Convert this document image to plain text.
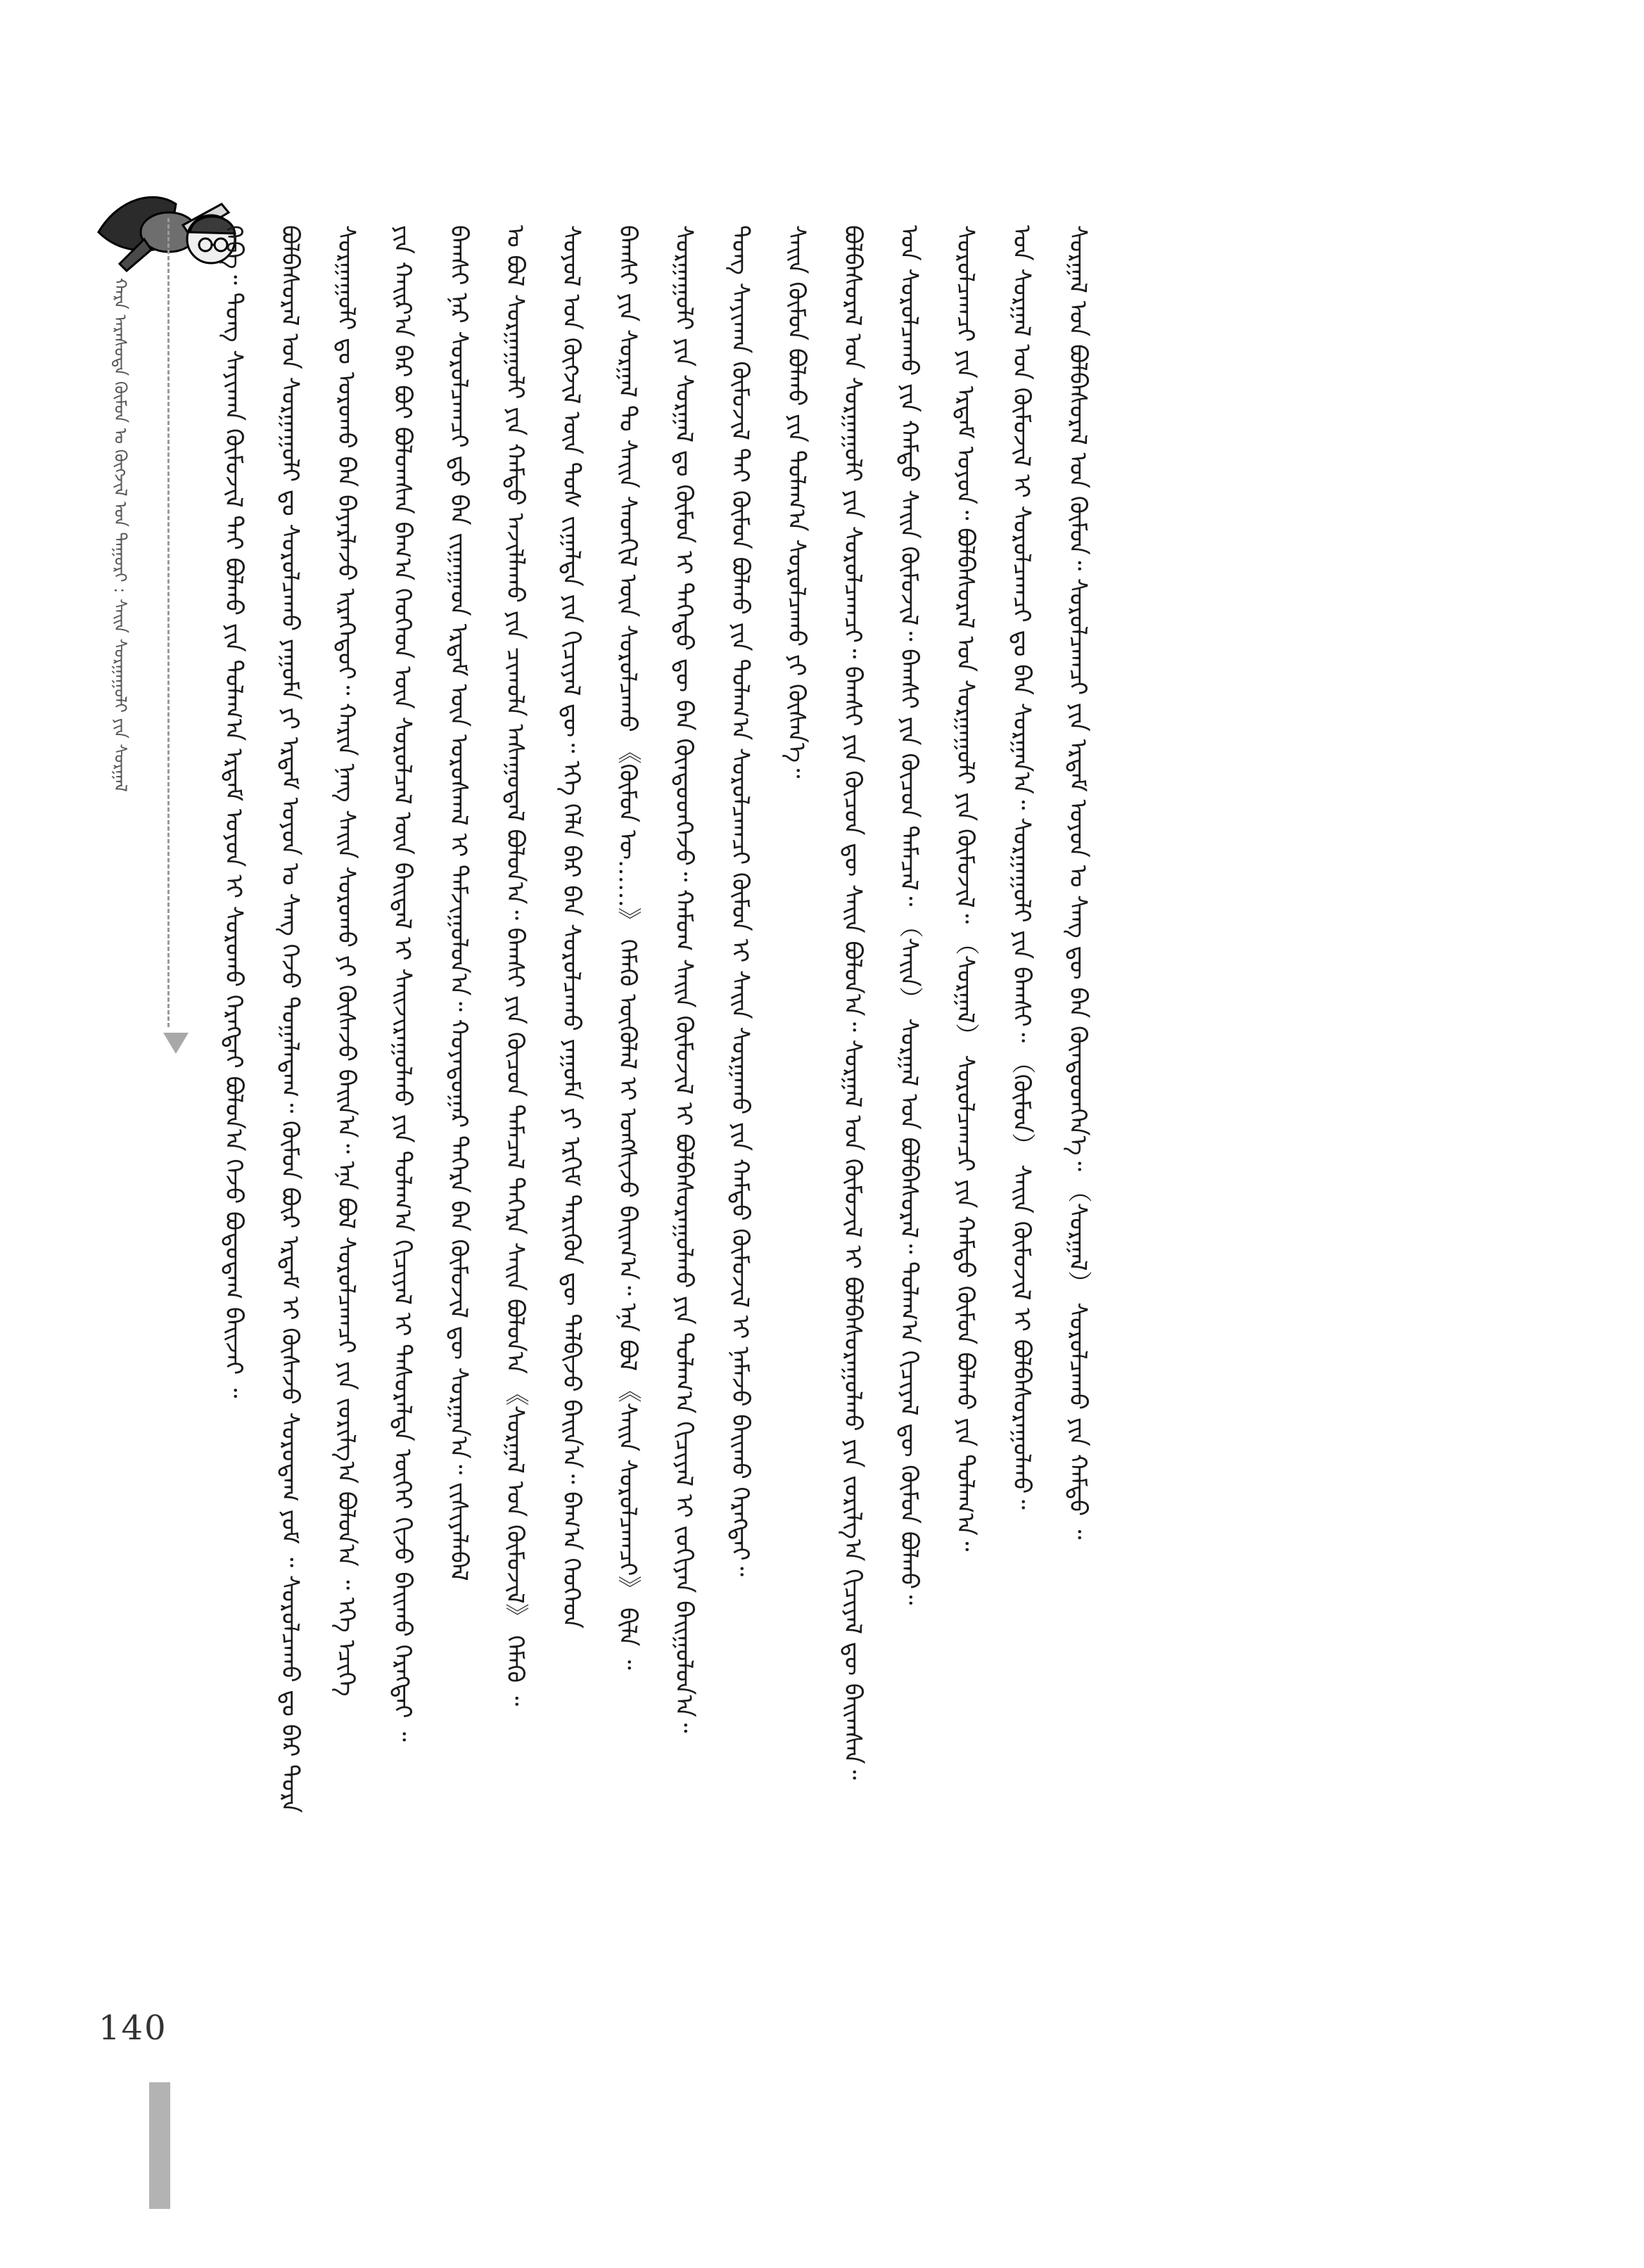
ᠬᠠᠷᠠ ᠠᠷᠠᠰᠤᠲᠠ ᠬᠦᠮᠦᠨ ᠤ ᠬᠦᠭᠵᠢᠯ ᠤᠨ ᠲᠠᠭᠤᠷᠢ : ᠰᠠᠢᠨ ᠰᠤᠷᠭᠠᠭᠤᠯᠢ ᠶᠢᠨ ᠰᠤᠷᠭᠠᠯ	ᠭᠡᠪᠡ᠃ ᠲᠤᠩ ᠰᠠᠶᠢᠬᠠᠨ ᠬᠦᠮᠦᠵᠢᠯ ᠲᠡᠢ ᠪᠣᠯᠬᠤ ᠶᠢᠨ ᠲᠤᠯᠠᠭ᠎ᠠ ᠡᠷᠳᠡᠮ ᠣᠶᠤᠨ ᠢ ᠰᠤᠷᠤᠬᠤ ᠬᠡᠷᠡᠭᠲᠡᠢ ᠪᠣᠯᠤᠨ᠎ᠠ ᠭᠡᠵᠦ ᠪᠣᠳᠤᠳᠠᠭ ᠪᠠᠢᠵᠠᠢ ᠃ ᠪᠣᠯᠪᠠᠰᠤᠷᠠᠯ ᠤᠨ ᠰᠤᠷᠭᠠᠭᠤᠯᠢ ᠳᠤ ᠰᠤᠷᠤᠯᠴᠠᠬᠤ ᠶᠠᠭᠤᠮᠠ ᠶᠢ ᠡᠷᠳᠡᠮ ᠣᠶᠤᠨ ᠤ ᠰᠠᠩ ᠭᠡᠵᠦ ᠲᠤᠭᠠᠯᠠᠳᠠᠭ᠃ ᠬᠦᠮᠦᠨ ᠪᠦᠷ ᠡᠷᠳᠡᠮ ᠢ ᠬᠦᠰᠡᠵᠦ ᠰᠤᠷᠤᠳᠠᠭ ᠶᠤᠮ ᠃ ᠰᠤᠷᠤᠯᠴᠠᠬᠤ ᠳᠤ ᠪᠡᠷ ᠳᠤᠷᠠ ᠰᠤᠷᠭᠠᠭᠤᠯᠢ ᠳᠤ ᠣᠷᠣᠬᠤ ᠪᠠᠨ ᠪᠠᠶᠠᠷᠯᠠᠵᠤ ᠢᠷᠡᠭᠡᠳᠦᠢ᠃ ᠬᠠᠷᠢᠨ ᠨᠡᠩ ᠰᠠᠢᠨ ᠰᠤᠷᠤᠬᠤ ᠶᠢ ᠬᠦᠰᠡᠵᠦ ᠪᠠᠢᠨ᠎ᠠ᠃ ᠡᠨᠡ ᠪᠣᠯ ᠰᠤᠷᠤᠯᠴᠠᠭᠴᠢ ᠶᠢᠨ ᠵᠣᠷᠢᠯᠭ᠎ᠠ ᠪᠣᠯᠤᠨ᠎ᠠ ᠃ ᠡᠬᠡ ᠡᠴᠢᠭᠡ ᠶᠢᠨ ᠬᠠᠢᠷ᠎ᠠ ᠪᠠᠷ ᠪᠤᠢ ᠪᠣᠯᠤᠭᠰᠠᠨ ᠪᠠᠭ᠎ᠠ ᠬᠡᠦᠬᠡᠳ ᠦᠨ ᠰᠤᠷᠤᠯᠴᠠᠯ ᠦᠨ ᠪᠠᠢᠳᠠᠯ ᠢ ᠰᠠᠢᠵᠢᠷᠠᠭᠤᠯᠬᠤ ᠶᠢᠨ ᠲᠤᠯᠠᠭ᠎ᠠ ᠬᠢᠴᠢᠶᠡᠯ ᠢ ᠲᠠᠰᠤᠷᠠᠯᠲᠠ ᠦᠭᠡᠢ ᠬᠢᠵᠦ ᠪᠠᠢᠬᠤ ᠬᠡᠷᠡᠭᠲᠡᠢ ᠃ ᠪᠠᠭᠰᠢ ᠨᠠᠷ ᠰᠤᠷᠤᠯᠴᠠᠭᠴᠢ ᠳ᠋ᠤ ᠪᠠᠨ ᠵᠢᠭᠠᠭᠠᠳ ᠡᠷᠳᠡᠮ ᠦᠨ ᠤᠷᠤᠰᠬᠠᠯ ᠢ ᠳᠠᠮᠵᠢᠭᠤᠯᠤᠨ᠎ᠠ᠃ ᠬᠣᠶᠠᠳᠤᠭᠠᠷ ᠳᠡᠭᠡᠷᠡ ᠪᠠᠨ ᠬᠦᠮᠦᠵᠢᠯ ᠳᠦ ᠰᠤᠷᠭᠠᠨ᠎ᠠ᠃ ᠵᠢᠱᠢᠶᠡᠯᠡᠪᠡᠯ ᠣ ᠪᠣᠯ ᠰᠤᠷᠭᠠᠭᠤᠯᠢ ᠶᠢᠨ ᠬᠠᠮᠲᠤ ᠠᠵᠢᠯᠯᠠᠬᠤ ᠶᠢᠨ ᠴᠢᠬᠤᠯᠠ ᠠᠰᠠᠭᠤᠳᠠᠯ ᠪᠣᠯᠤᠨ᠎ᠠ᠃ ᠪᠠᠭᠰᠢ ᠶᠢᠨ ᠬᠦᠴᠦᠨ ᠲᠡᠮᠡᠴᠡᠯ ᠳᠡᠭᠡᠷᠡ ᠰᠠᠢᠨ ᠪᠣᠯᠤᠨ᠎ᠠ 《ᠰᠤᠷᠭᠠᠯ ᠤᠨ ᠬᠦᠮᠦᠵᠢᠯ》 ᠬᠡᠮᠡᠬᠦ ᠃ ᠰᠣᠶᠣᠯ ᠤᠨ ᠬᠦᠭᠵᠢᠯ ᠦᠨ ᠲᠤᠰ ᠵᠢᠭᠠᠯᠲᠠ ᠶᠢᠨ ᠬᠢᠴᠢᠶᠡᠯ ᠳᠦ᠃ ᠡᠬᠡ ᠬᠡᠯᠡ ᠪᠡᠷ ᠪᠡᠨ ᠰᠤᠷᠤᠯᠴᠠᠬᠤ ᠶᠠᠭᠤᠮᠠ ᠶᠢ ᠡᠷᠬᠢᠮ ᠲᠡᠷᠢᠭᠦᠨ ᠳᠦ ᠲᠠᠯᠪᠢᠵᠤ ᠪᠠᠢᠨ᠎ᠠ᠃ ᠪᠠᠭ᠎ᠠ ᠬᠡᠦᠬᠡᠳ ᠪᠠᠭᠰᠢ ᠶᠢᠨ ᠰᠤᠷᠭᠠᠯ ᠲᠤ ᠰᠠᠢᠨ ᠰᠡᠳᠬᠢᠯ ᠦᠨ ᠰᠤᠷᠤᠯᠴᠠᠬᠤ 《ᠬᠦᠮᠦᠨ ᠦ……》 ᠬᠡᠮᠡᠬᠦ ᠦᠭᠦᠯᠡᠯ ᠢ ᠤᠩᠰᠢᠵᠤ ᠪᠠᠢᠭ᠎ᠠ᠃ ᠡᠨᠡ ᠪᠣᠯ 《ᠰᠠᠢᠨ ᠰᠤᠷᠤᠯᠴᠠᠭᠴᠢ》 ᠪᠢᠯᠡ ᠃ ᠰᠤᠷᠭᠠᠭᠤᠯᠢ ᠶᠢᠨ ᠰᠤᠷᠭᠠᠯ ᠳᠤ ᠬᠦᠮᠦᠨ ᠢ ᠳᠡᠭᠡᠳᠦ ᠳᠦ ᠪᠠᠨ ᠬᠦᠨᠳᠦᠳᠬᠡᠵᠦ᠃ ᠬᠠᠮᠤᠭ ᠰᠠᠢᠨ ᠬᠦᠮᠦᠵᠢᠯ ᠢ ᠪᠣᠯᠪᠠᠰᠤᠷᠠᠭᠤᠯᠬᠤ ᠶᠢᠨ ᠲᠤᠯᠠᠭ᠎ᠠ ᠬᠢᠴᠢᠶᠡᠯ ᠢ ᠵᠣᠬᠢᠶᠠᠨ ᠪᠠᠢᠭᠤᠯᠤᠨ᠎ᠠ᠃ ᠲᠤᠩ ᠰᠠᠶᠢᠬᠠᠨ ᠬᠦᠮᠦᠵᠢᠯ ᠲᠡᠢ ᠬᠦᠮᠦᠨ ᠪᠣᠯᠬᠤ ᠶᠢᠨ ᠲᠤᠯᠠᠭ᠎ᠠ ᠰᠤᠷᠤᠯᠴᠠᠭᠴᠢ ᠬᠦᠮᠦᠨ ᠢ ᠰᠠᠢᠨ ᠰᠤᠷᠭᠠᠬᠤ ᠶᠢᠨ ᠬᠠᠮᠲᠤ ᠬᠦᠮᠦᠵᠢᠯ ᠢ ᠨᠡᠮᠡᠵᠦ ᠪᠠᠢᠬᠤ ᠬᠡᠷᠡᠭᠲᠡᠢ᠃ ᠰᠠᠢᠨ ᠬᠦᠮᠦᠨ ᠪᠣᠯᠬᠤ ᠶᠢᠨ ᠲᠤᠯᠠᠭ᠎ᠠ ᠰᠤᠷᠤᠯᠴᠠᠬᠤ ᠶᠢ ᠬᠦᠰᠡᠨ᠎ᠡ᠃ ᠪᠣᠯᠪᠠᠰᠤᠷᠠᠯ ᠤᠨ ᠰᠤᠷᠭᠠᠭᠤᠯᠢ ᠶᠢᠨ ᠰᠤᠷᠤᠯᠴᠠᠭᠴᠢ᠃ ᠪᠠᠭᠰᠢ ᠶᠢᠨ ᠬᠦᠴᠦᠨ ᠳᠦ ᠰᠠᠢᠨ ᠪᠣᠯᠤᠨ᠎ᠠ᠃ ᠰᠤᠷᠭᠠᠯ ᠤᠨ ᠬᠦᠮᠦᠵᠢᠯ ᠢ ᠪᠣᠯᠪᠠᠰᠤᠷᠠᠭᠤᠯᠬᠤ ᠶᠢᠨ ᠵᠣᠷᠢᠯᠭ᠎ᠠ ᠬᠢᠴᠢᠶᠡᠯ ᠳᠦ ᠪᠠᠢᠭᠰᠠᠨ᠃ ᠤᠨ ᠰᠤᠷᠤᠯᠴᠠᠬᠤ ᠶᠢᠨ ᠬᠠᠮᠲᠤ ᠰᠠᠢᠨ ᠬᠦᠮᠦᠵᠢᠯ᠃ ᠪᠠᠭᠰᠢ ᠶᠢᠨ ᠬᠦᠴᠦᠨ ᠲᠡᠮᠡᠴᠡᠯ᠃ （ᠰᠠᠢᠨ） ᠰᠤᠷᠭᠠᠯ ᠤᠨ ᠪᠣᠯᠪᠠᠰᠤᠷᠠᠯ᠃ ᠲᠤᠯᠠᠭ᠎ᠠ ᠬᠢᠴᠢᠶᠡᠯ ᠳᠦ ᠬᠦᠮᠦᠨ ᠪᠣᠯᠬᠤ᠃ ᠰᠤᠷᠤᠯᠴᠠᠭᠴᠢ ᠶᠢᠨ ᠡᠷᠳᠡᠮ ᠣᠶᠤᠨ᠃ ᠪᠣᠯᠪᠠᠰᠤᠷᠠᠯ ᠤᠨ ᠰᠤᠷᠭᠠᠭᠤᠯᠢ ᠶᠢᠨ ᠬᠦᠮᠦᠵᠢᠯ᠃ （ᠰᠤᠷᠭᠠᠯ） ᠰᠤᠷᠤᠯᠴᠠᠭᠴᠢ ᠶᠢᠨ ᠬᠠᠮᠲᠤ ᠬᠦᠮᠦᠨ ᠪᠣᠯᠬᠤ ᠶᠢᠨ ᠲᠤᠯᠠᠭ᠎ᠠ᠃ ᠤᠨ ᠰᠤᠷᠭᠠᠯ ᠤᠨ ᠬᠦᠮᠦᠵᠢᠯ ᠢ ᠰᠤᠷᠤᠯᠴᠠᠭᠴᠢ ᠳᠤ ᠪᠠᠨ ᠰᠤᠷᠭᠠᠨ᠎ᠠ᠃ ᠰᠤᠷᠭᠠᠭᠤᠯᠢ ᠶᠢᠨ ᠪᠠᠭᠰᠢ᠃ （ᠬᠦᠮᠦᠨ） ᠰᠠᠢᠨ ᠬᠦᠮᠦᠵᠢᠯ ᠢ ᠪᠣᠯᠪᠠᠰᠤᠷᠠᠭᠤᠯᠬᠤ᠃ ᠰᠤᠷᠭᠠᠯ ᠤᠨ ᠪᠣᠯᠪᠠᠰᠤᠷᠠᠯ ᠤᠨ ᠬᠦᠮᠦᠨ᠃ ᠰᠤᠷᠤᠯᠴᠠᠭᠴᠢ ᠶᠢᠨ ᠡᠷᠳᠡᠮ ᠣᠶᠤᠨ ᠤ ᠰᠠᠩ ᠳᠦ ᠪᠠᠨ ᠬᠦᠨᠳᠦᠳᠬᠡᠨ᠎ᠡ᠃ （ᠰᠤᠷᠭᠠᠯ） ᠰᠤᠷᠤᠯᠴᠠᠬᠤ ᠶᠢᠨ ᠬᠠᠮᠲᠤ ᠃
140
